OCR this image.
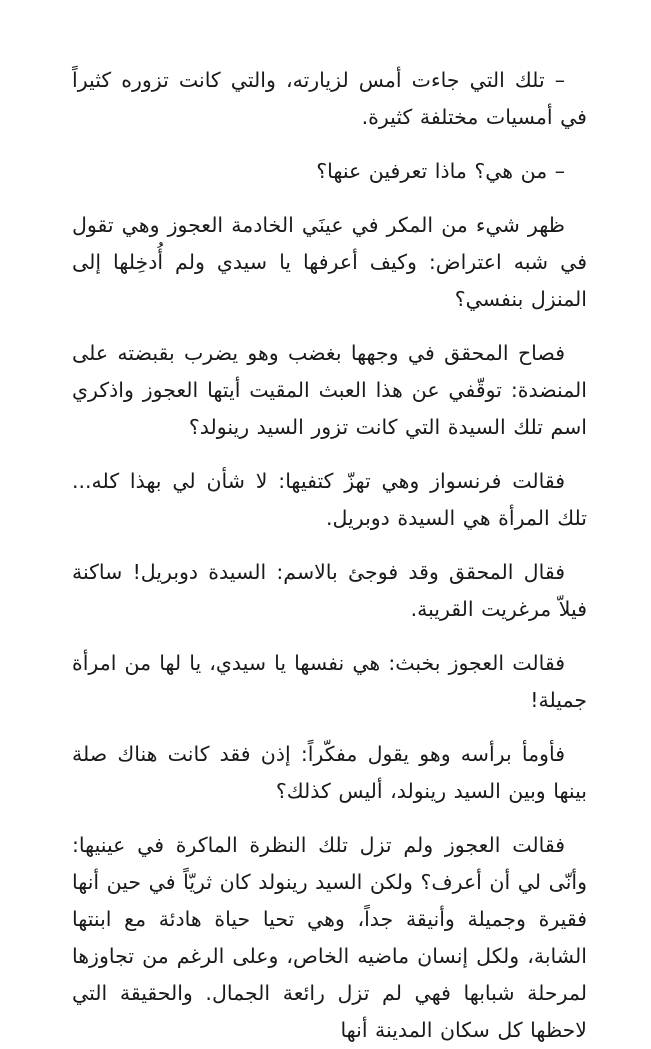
– تلك التي جاءت أمس لزيارته، والتي كانت تزوره كثيراً في أمسيات مختلفة كثيرة.

– من هي؟ ماذا تعرفين عنها؟

ظهر شيء من المكر في عينَي الخادمة العجوز وهي تقول في شبه اعتراض: وكيف أعرفها يا سيدي ولم أُدخِلها إلى المنزل بنفسي؟

فصاح المحقق في وجهها بغضب وهو يضرب بقبضته على المنضدة: توقّفي عن هذا العبث المقيت أيتها العجوز واذكري اسم تلك السيدة التي كانت تزور السيد رينولد؟

فقالت فرنسواز وهي تهزّ كتفيها: لا شأن لي بهذا كله... تلك المرأة هي السيدة دوبريل.

فقال المحقق وقد فوجئ بالاسم: السيدة دوبريل! ساكنة فيلاّ مرغريت القريبة.

فقالت العجوز بخبث: هي نفسها يا سيدي، يا لها من امرأة جميلة!

فأومأ برأسه وهو يقول مفكّراً: إذن فقد كانت هناك صلة بينها وبين السيد رينولد، أليس كذلك؟

فقالت العجوز ولم تزل تلك النظرة الماكرة في عينيها: وأنّى لي أن أعرف؟ ولكن السيد رينولد كان ثريّاً في حين أنها فقيرة وجميلة وأنيقة جداً، وهي تحيا حياة هادئة مع ابنتها الشابة، ولكل إنسان ماضيه الخاص، وعلى الرغم من تجاوزها لمرحلة شبابها فهي لم تزل رائعة الجمال. والحقيقة التي لاحظها كل سكان المدينة أنها
